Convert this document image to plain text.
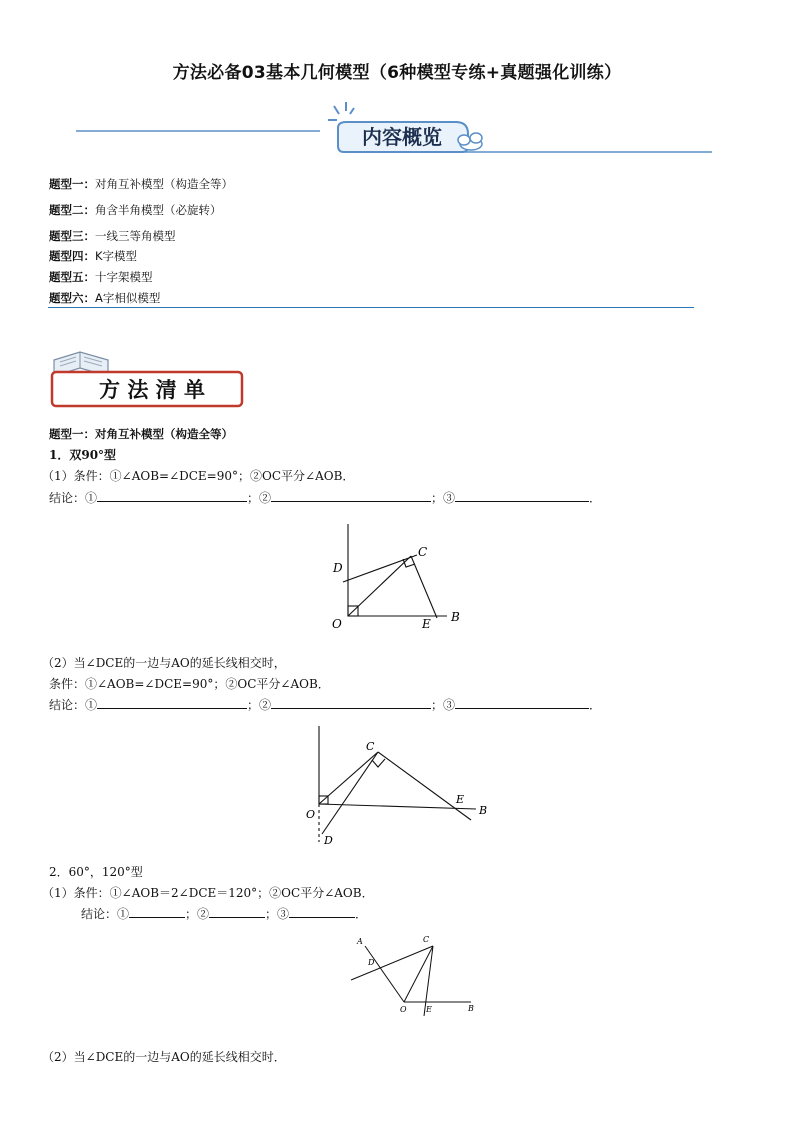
方法必备03基本几何模型（6种模型专练+真题强化训练）
内容概览
题型一：对角互补模型（构造全等）
题型二：角含半角模型（必旋转）
题型三：一线三等角模型
题型四：K字模型
题型五：十字架模型
题型六：A字相似模型
方 法 清 单
题型一：对角互补模型（构造全等）
1．双90°型
（1）条件：①∠AOB=∠DCE=90°；②OC平分∠AOB．
结论：①	；②	；③	．
D
C
O	E B
（2）当∠DCE的一边与AO的延长线相交时，
条件：①∠AOB=∠DCE=90°；②OC平分∠AOB．
结论：①	；②	；③	．
C
E
B
O
D
2．60°，120°型
（1）条件：①∠AOB＝2∠DCE＝120°；②OC平分∠AOB．
结论：①	；②	；③	．
A	C
D
O E	B
（2）当∠DCE的一边与AO的延长线相交时．
